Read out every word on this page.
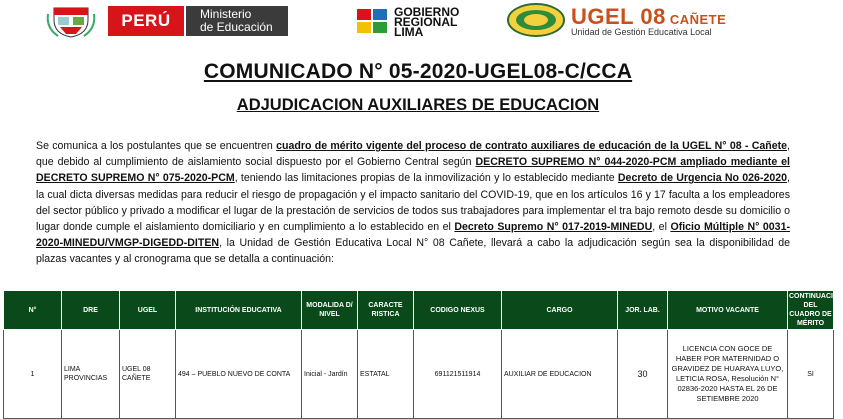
PERÚ Ministerio
de Educación
GOBIERNO
REGIONAL
LIMA
UGEL 08 CAÑETE
Unidad de Gestión Educativa Local
COMUNICADO N° 05-2020-UGEL08-C/CCA
ADJUDICACION AUXILIARES DE EDUCACION
Se comunica a los postulantes que se encuentren cuadro de mérito vigente del proceso de contrato auxiliares de educación de la UGEL N° 08 - Cañete, que debido al cumplimiento de aislamiento social dispuesto por el Gobierno Central según DECRETO SUPREMO N° 044-2020-PCM ampliado mediante el DECRETO SUPREMO N° 075-2020-PCM, teniendo las limitaciones propias de la inmovilización y lo establecido mediante Decreto de Urgencia No 026-2020, la cual dicta diversas medidas para reducir el riesgo de propagación y el impacto sanitario del COVID-19, que en los artículos 16 y 17 faculta a los empleadores del sector público y privado a modificar el lugar de la prestación de servicios de todos sus trabajadores para implementar el tra bajo remoto desde su domicilio o lugar donde cumple el aislamiento domiciliario y en cumplimiento a lo establecido en el Decreto Supremo N° 017-2019-MINEDU, el Oficio Múltiple N° 0031-2020-MINEDU/VMGP-DIGEDD-DITEN, la Unidad de Gestión Educativa Local N° 08 Cañete, llevará a cabo la adjudicación según sea la disponibilidad de plazas vacantes y al cronograma que se detalla a continuación:
N°	DRE	UGEL	INSTITUCIÓN EDUCATIVA	MODALIDA D/ NIVEL	CARACTE RISTICA	CODIGO NEXUS	CARGO	JOR. LAB.	MOTIVO VACANTE	CONTINUACION DEL CUADRO DE MÉRITO
1	LIMA PROVINCIAS	UGEL 08 CAÑETE	494 – PUEBLO NUEVO DE CONTA	Inicial - Jardín	ESTATAL	691121511914	AUXILIAR DE EDUCACION	30	LICENCIA CON GOCE DE HABER POR MATERNIDAD O GRAVIDEZ DE HUARAYA LUYO, LETICIA ROSA, Resolución N° 02836-2020 HASTA EL 26 DE SETIEMBRE 2020	SI
